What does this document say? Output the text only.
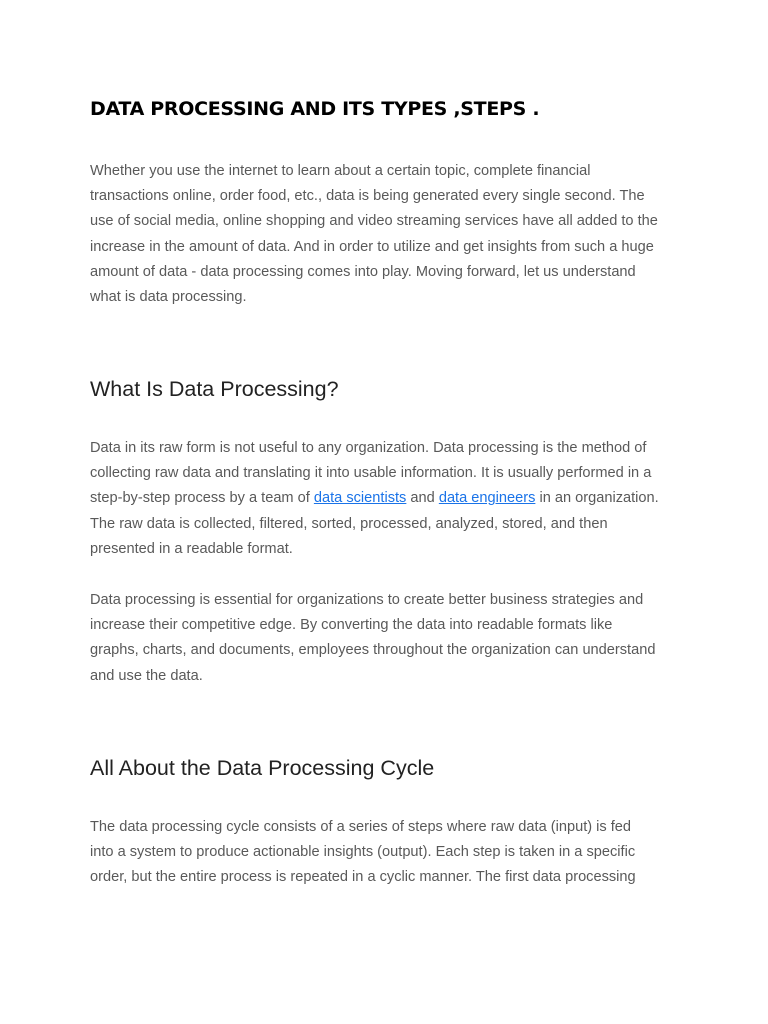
DATA PROCESSING AND ITS TYPES ,STEPS .

Whether you use the internet to learn about a certain topic, complete financial
transactions online, order food, etc., data is being generated every single second. The
use of social media, online shopping and video streaming services have all added to the
increase in the amount of data. And in order to utilize and get insights from such a huge
amount of data - data processing comes into play. Moving forward, let us understand
what is data processing.

What Is Data Processing?

Data in its raw form is not useful to any organization. Data processing is the method of
collecting raw data and translating it into usable information. It is usually performed in a
step-by-step process by a team of data scientists and data engineers in an organization.
The raw data is collected, filtered, sorted, processed, analyzed, stored, and then
presented in a readable format.

Data processing is essential for organizations to create better business strategies and
increase their competitive edge. By converting the data into readable formats like
graphs, charts, and documents, employees throughout the organization can understand
and use the data.

All About the Data Processing Cycle

The data processing cycle consists of a series of steps where raw data (input) is fed
into a system to produce actionable insights (output). Each step is taken in a specific
order, but the entire process is repeated in a cyclic manner. The first data processing
